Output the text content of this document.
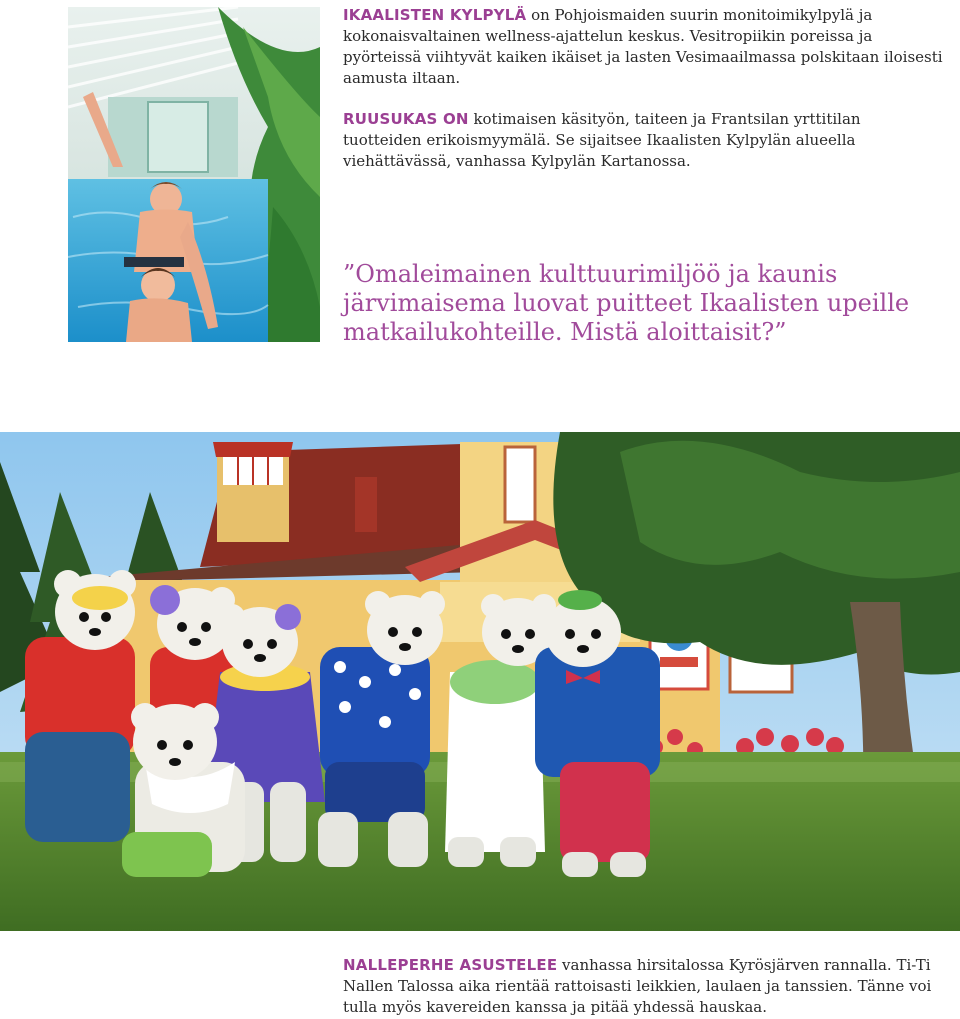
IKAALISTEN KYLPYLÄ on Pohjoismaiden suurin monitoimikylpylä ja kokonaisvaltainen wellness-ajattelun keskus. Vesitropiikin poreissa ja pyörteissä viihtyvät kaiken ikäiset ja lasten Vesimaailmassa polskitaan iloisesti aamusta iltaan.

RUUSUKAS ON kotimaisen käsityön, taiteen ja Frantsilan yrttitilan tuotteiden erikoismyymälä. Se sijaitsee Ikaalisten Kylpylän alueella viehättävässä, vanhassa Kylpylän Kartanossa.

”Omaleimainen kulttuurimiljöö ja kaunis järvimaisema luovat puitteet Ikaalisten upeille matkailukohteille. Mistä aloittaisit?”

NALLEPERHE ASUSTELEE vanhassa hirsitalossa Kyrösjärven rannalla. Ti-Ti Nallen Talossa aika rientää rattoisasti leikkien, laulaen ja tanssien. Tänne voi tulla myös kavereiden kanssa ja pitää yhdessä hauskaa.
